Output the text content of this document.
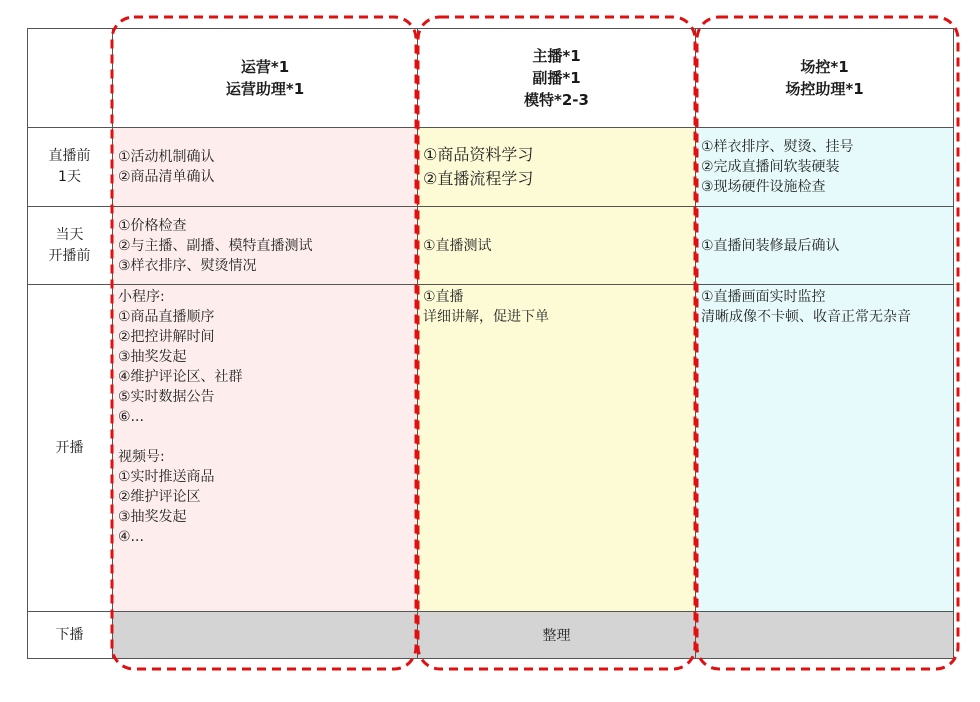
运营*1
运营助理*1
主播*1
副播*1
模特*2-3
场控*1
场控助理*1
直播前
1天
①活动机制确认
②商品清单确认
①商品资料学习
②直播流程学习
①样衣排序、熨烫、挂号
②完成直播间软装硬装
③现场硬件设施检查
当天
开播前
①价格检查
②与主播、副播、模特直播测试
③样衣排序、熨烫情况
①直播测试	①直播间装修最后确认
开播
小程序:
①商品直播顺序
②把控讲解时间
③抽奖发起
④维护评论区、社群
⑤实时数据公告
⑥...
视频号:
①实时推送商品
②维护评论区
③抽奖发起
④...
①直播
详细讲解，促进下单
①直播画面实时监控
清晰成像不卡顿、收音正常无杂音
下播	整理
